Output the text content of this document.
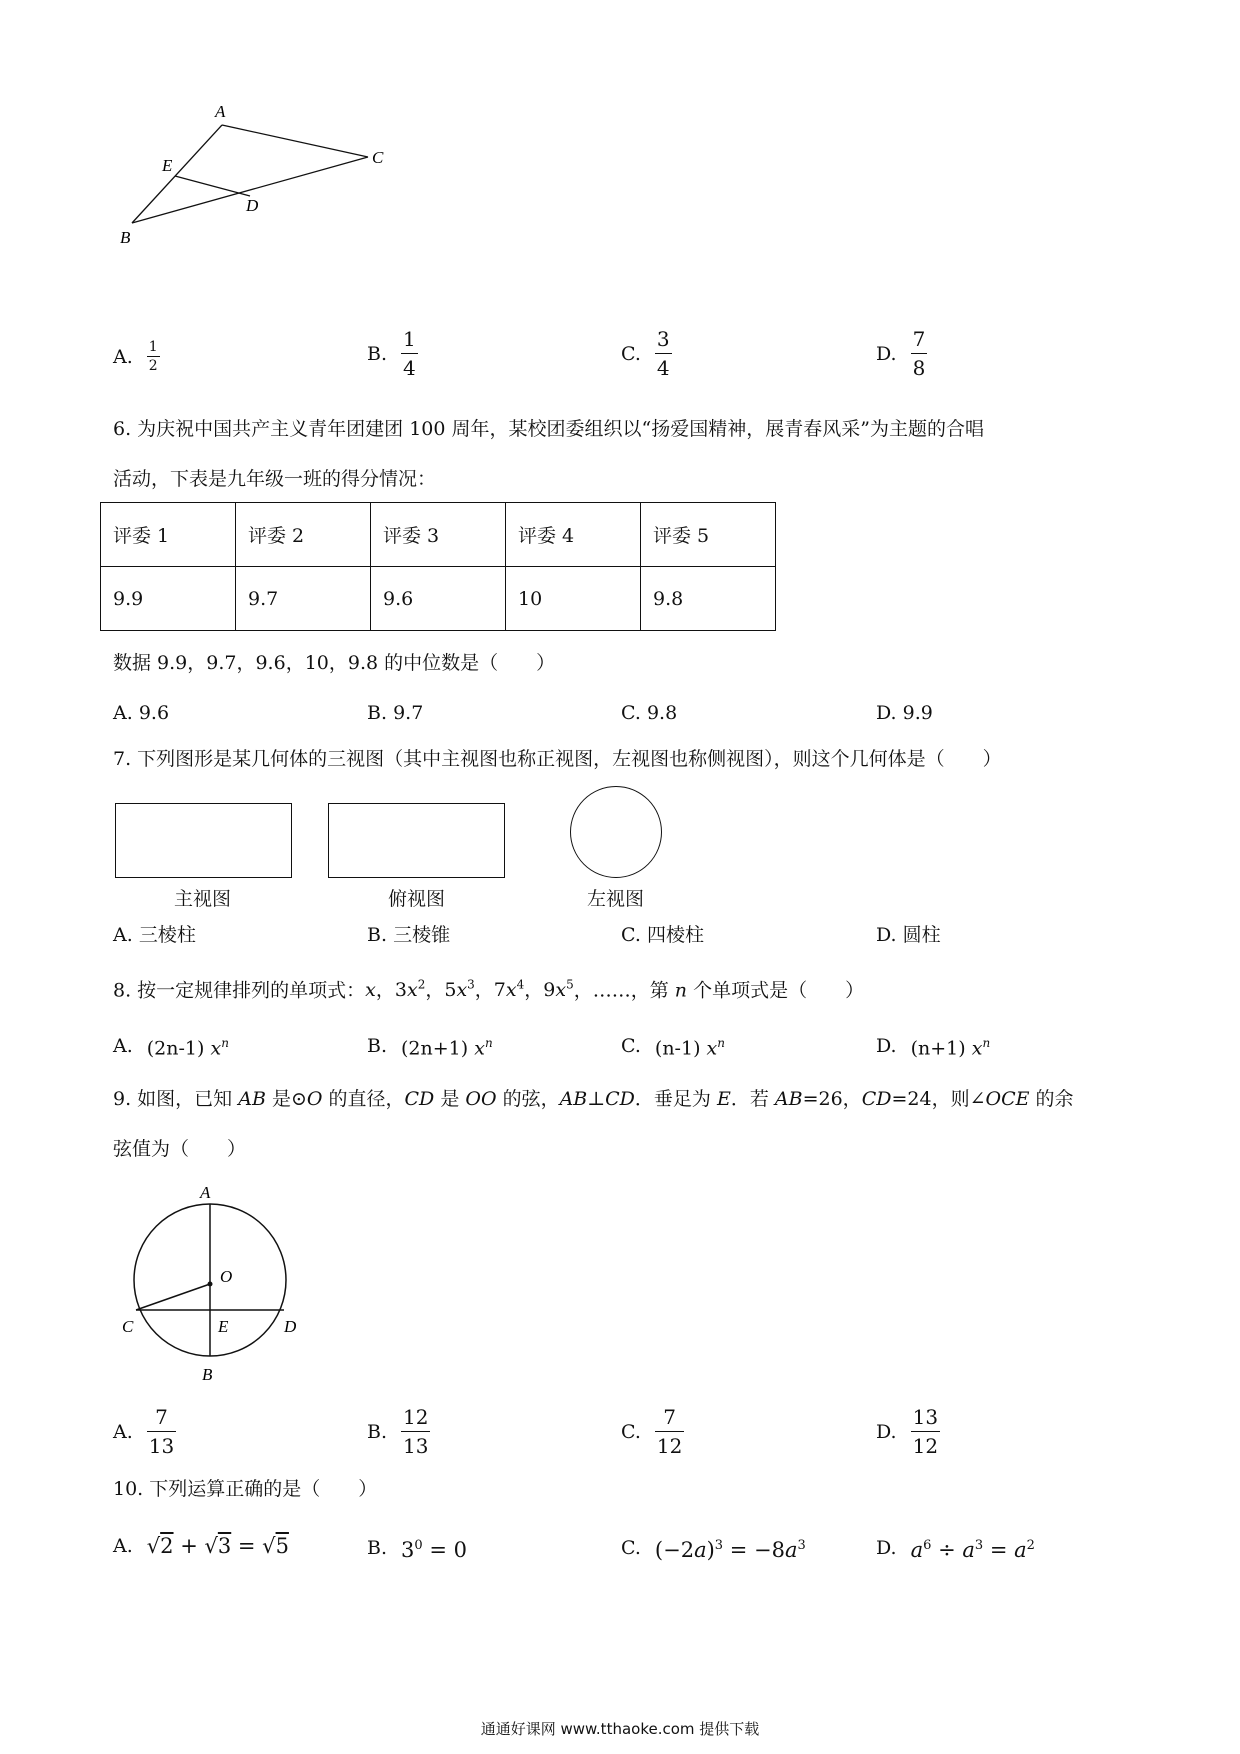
A
E	C
D
B
A. $\frac{1}{2}$	B. $\frac{1}{4}$	C. $\frac{3}{4}$	D. $\frac{7}{8}$
6. 为庆祝中国共产主义青年团建团 100 周年，某校团委组织以“扬爱国精神，展青春风采”为主题的合唱
活动，下表是九年级一班的得分情况：
评委 1	评委 2	评委 3	评委 4	评委 5
9.9	9.7	9.6	10	9.8
数据 9.9，9.7，9.6，10，9.8 的中位数是（　　）
A.
9.6	B.
9.7	C.
9.8	D.
9.9
7. 下列图形是某几何体的三视图（其中主视图也称正视图，左视图也称侧视图），则这个几何体是（　　）
主视图	俯视图	左视图
A.
三棱柱	B.
三棱锥	C.
四棱柱	D.
圆柱
8. 按一定规律排列的单项式：x，$3x^2$，$5x^3$，$7x^4$，$9x^5$，……，第 n 个单项式是（　　）
A. (2n-1) $x^n$	B. (2n+1) $x^n$	C. (n-1) $x^n$	D. (n+1) $x^n$
9. 如图，已知 AB 是⊙O 的直径，CD 是 OO 的弦，AB⊥CD．垂足为 E．若 AB=26，CD=24，则∠OCE 的余
弦值为（　　）
A
O
C	E	D
B
A. $\frac{7}{13}$	B. $\frac{12}{13}$	C. $\frac{7}{12}$	D. $\frac{13}{12}$
10. 下列运算正确的是（　　）
A. √2 + √3 = √5	B. $3^0 = 0$	C. $(-2a)^3 = -8a^3$	D. $a^6 \div a^3 = a^2$
通通好课网 www.tthaoke.com 提供下载
